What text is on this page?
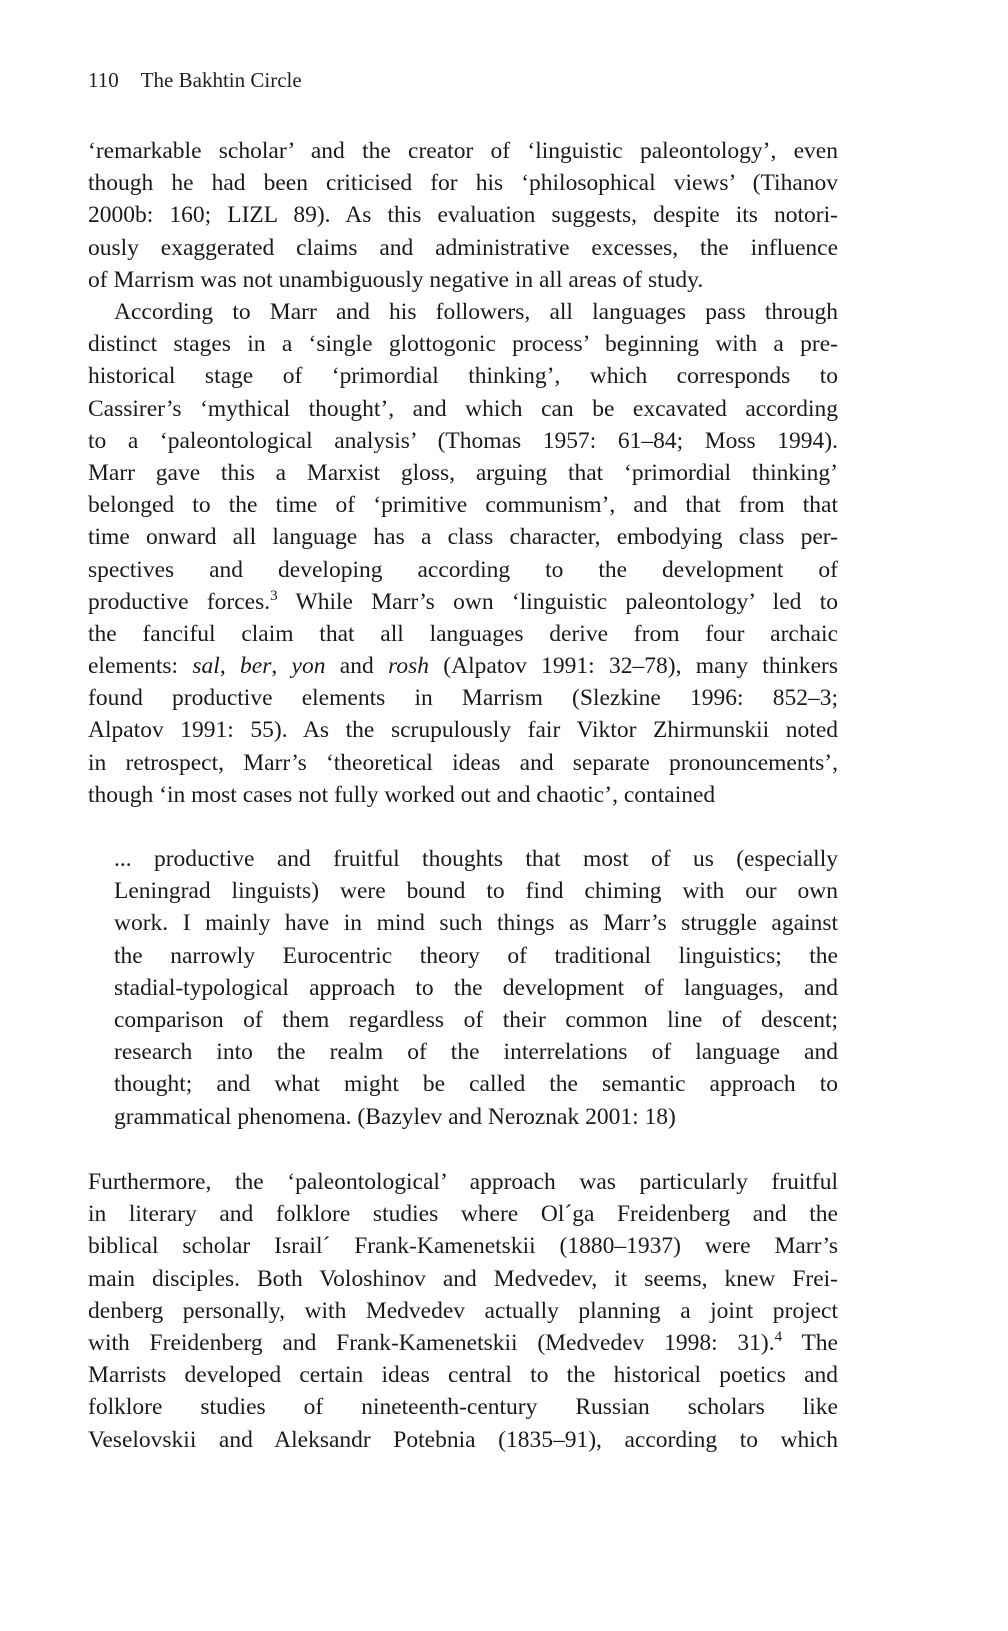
110 The Bakhtin Circle
‘remarkable scholar’ and the creator of ‘linguistic paleontology’, even
though he had been criticised for his ‘philosophical views’ (Tihanov
2000b: 160; LIZL 89). As this evaluation suggests, despite its notori-
ously exaggerated claims and administrative excesses, the influence
of Marrism was not unambiguously negative in all areas of study.
According to Marr and his followers, all languages pass through
distinct stages in a ‘single glottogonic process’ beginning with a pre-
historical stage of ‘primordial thinking’, which corresponds to
Cassirer’s ‘mythical thought’, and which can be excavated according
to a ‘paleontological analysis’ (Thomas 1957: 61–84; Moss 1994).
Marr gave this a Marxist gloss, arguing that ‘primordial thinking’
belonged to the time of ‘primitive communism’, and that from that
time onward all language has a class character, embodying class per-
spectives and developing according to the development of
productive forces.$^3$ While Marr’s own ‘linguistic paleontology’ led to
the fanciful claim that all languages derive from four archaic
elements: sal, ber, yon and rosh (Alpatov 1991: 32–78), many thinkers
found productive elements in Marrism (Slezkine 1996: 852–3;
Alpatov 1991: 55). As the scrupulously fair Viktor Zhirmunskii noted
in retrospect, Marr’s ‘theoretical ideas and separate pronouncements’,
though ‘in most cases not fully worked out and chaotic’, contained
... productive and fruitful thoughts that most of us (especially
Leningrad linguists) were bound to find chiming with our own
work. I mainly have in mind such things as Marr’s struggle against
the narrowly Eurocentric theory of traditional linguistics; the
stadial-typological approach to the development of languages, and
comparison of them regardless of their common line of descent;
research into the realm of the interrelations of language and
thought; and what might be called the semantic approach to
grammatical phenomena. (Bazylev and Neroznak 2001: 18)
Furthermore, the ‘paleontological’ approach was particularly fruitful
in literary and folklore studies where Ol´ga Freidenberg and the
biblical scholar Israil´ Frank-Kamenetskii (1880–1937) were Marr’s
main disciples. Both Voloshinov and Medvedev, it seems, knew Frei-
denberg personally, with Medvedev actually planning a joint project
with Freidenberg and Frank-Kamenetskii (Medvedev 1998: 31).$^4$ The
Marrists developed certain ideas central to the historical poetics and
folklore studies of nineteenth-century Russian scholars like
Veselovskii and Aleksandr Potebnia (1835–91), according to which
